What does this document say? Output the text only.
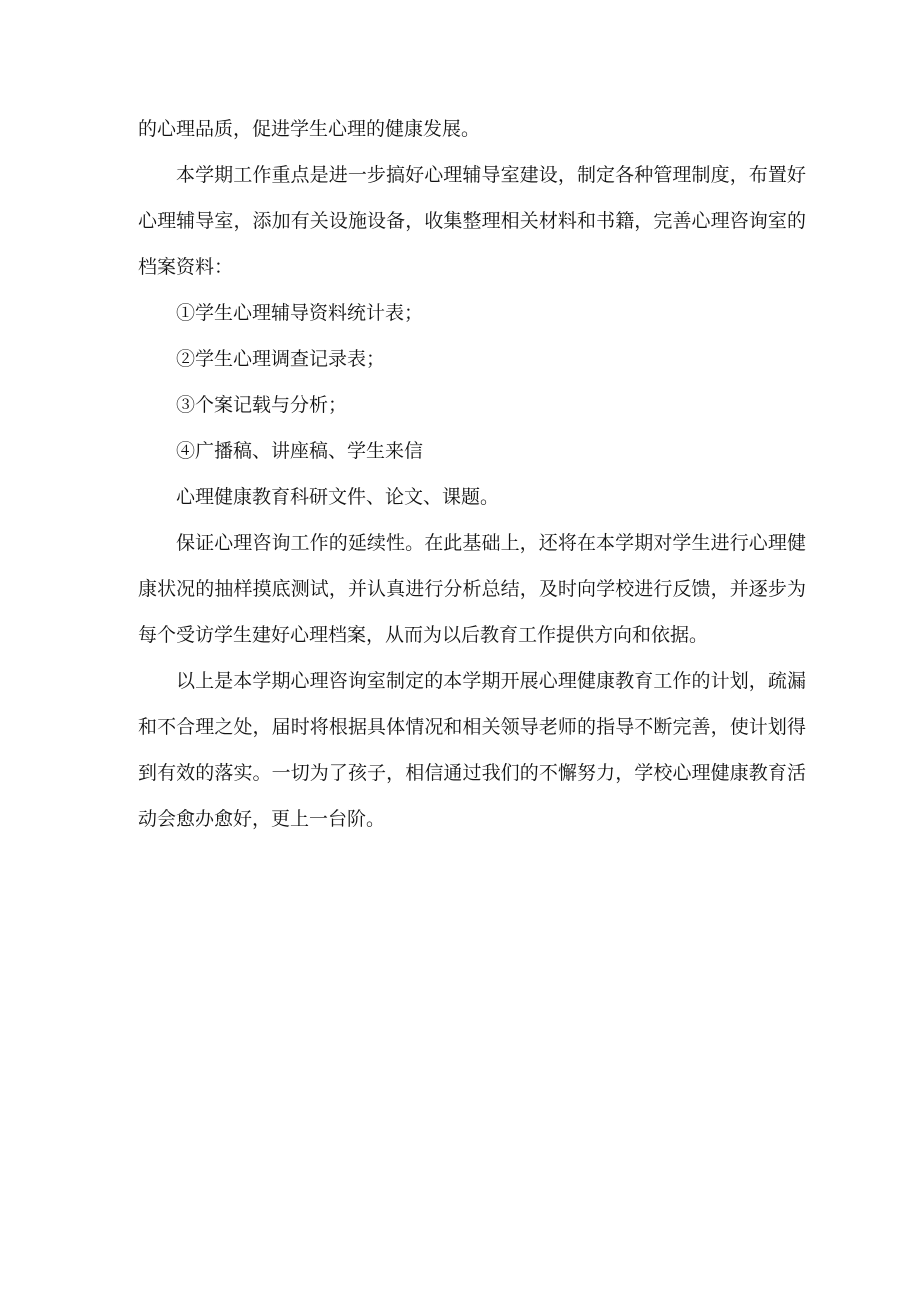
的心理品质，促进学生心理的健康发展。

本学期工作重点是进一步搞好心理辅导室建设，制定各种管理制度，布置好心理辅导室，添加有关设施设备，收集整理相关材料和书籍，完善心理咨询室的档案资料：

①学生心理辅导资料统计表；

②学生心理调查记录表；

③个案记载与分析；

④广播稿、讲座稿、学生来信

心理健康教育科研文件、论文、课题。

保证心理咨询工作的延续性。在此基础上，还将在本学期对学生进行心理健康状况的抽样摸底测试，并认真进行分析总结，及时向学校进行反馈，并逐步为每个受访学生建好心理档案，从而为以后教育工作提供方向和依据。

以上是本学期心理咨询室制定的本学期开展心理健康教育工作的计划，疏漏和不合理之处，届时将根据具体情况和相关领导老师的指导不断完善，使计划得到有效的落实。一切为了孩子，相信通过我们的不懈努力，学校心理健康教育活动会愈办愈好，更上一台阶。
